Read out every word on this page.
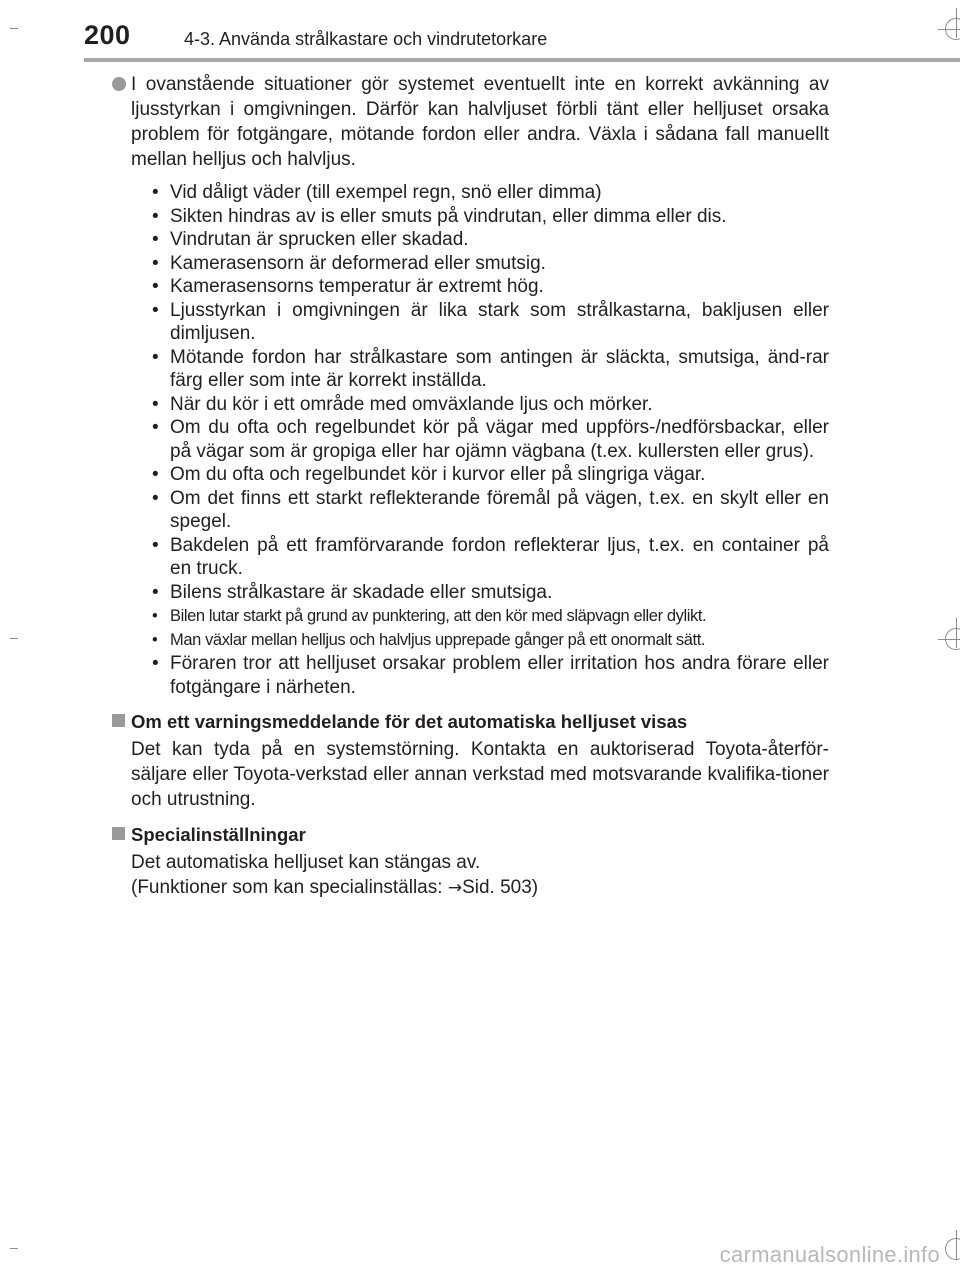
200	4-3. Använda strålkastare och vindrutetorkare

I ovanstående situationer gör systemet eventuellt inte en korrekt avkänning av ljusstyrkan i omgivningen. Därför kan halvljuset förbli tänt eller helljuset orsaka problem för fotgängare, mötande fordon eller andra. Växla i sådana fall manuellt mellan helljus och halvljus.

• Vid dåligt väder (till exempel regn, snö eller dimma)
• Sikten hindras av is eller smuts på vindrutan, eller dimma eller dis.
• Vindrutan är sprucken eller skadad.
• Kamerasensorn är deformerad eller smutsig.
• Kamerasensorns temperatur är extremt hög.
• Ljusstyrkan i omgivningen är lika stark som strålkastarna, bakljusen eller dimljusen.
• Mötande fordon har strålkastare som antingen är släckta, smutsiga, änd-rar färg eller som inte är korrekt inställda.
• När du kör i ett område med omväxlande ljus och mörker.
• Om du ofta och regelbundet kör på vägar med uppförs-/nedförsbackar, eller på vägar som är gropiga eller har ojämn vägbana (t.ex. kullersten eller grus).
• Om du ofta och regelbundet kör i kurvor eller på slingriga vägar.
• Om det finns ett starkt reflekterande föremål på vägen, t.ex. en skylt eller en spegel.
• Bakdelen på ett framförvarande fordon reflekterar ljus, t.ex. en container på en truck.
• Bilens strålkastare är skadade eller smutsiga.
• Bilen lutar starkt på grund av punktering, att den kör med släpvagn eller dylikt.
• Man växlar mellan helljus och halvljus upprepade gånger på ett onormalt sätt.
• Föraren tror att helljuset orsakar problem eller irritation hos andra förare eller fotgängare i närheten.

Om ett varningsmeddelande för det automatiska helljuset visas

Det kan tyda på en systemstörning. Kontakta en auktoriserad Toyota-återför-säljare eller Toyota-verkstad eller annan verkstad med motsvarande kvalifika-tioner och utrustning.

Specialinställningar

Det automatiska helljuset kan stängas av.

(Funktioner som kan specialinställas: →Sid. 503)

carmanualsonline.info
